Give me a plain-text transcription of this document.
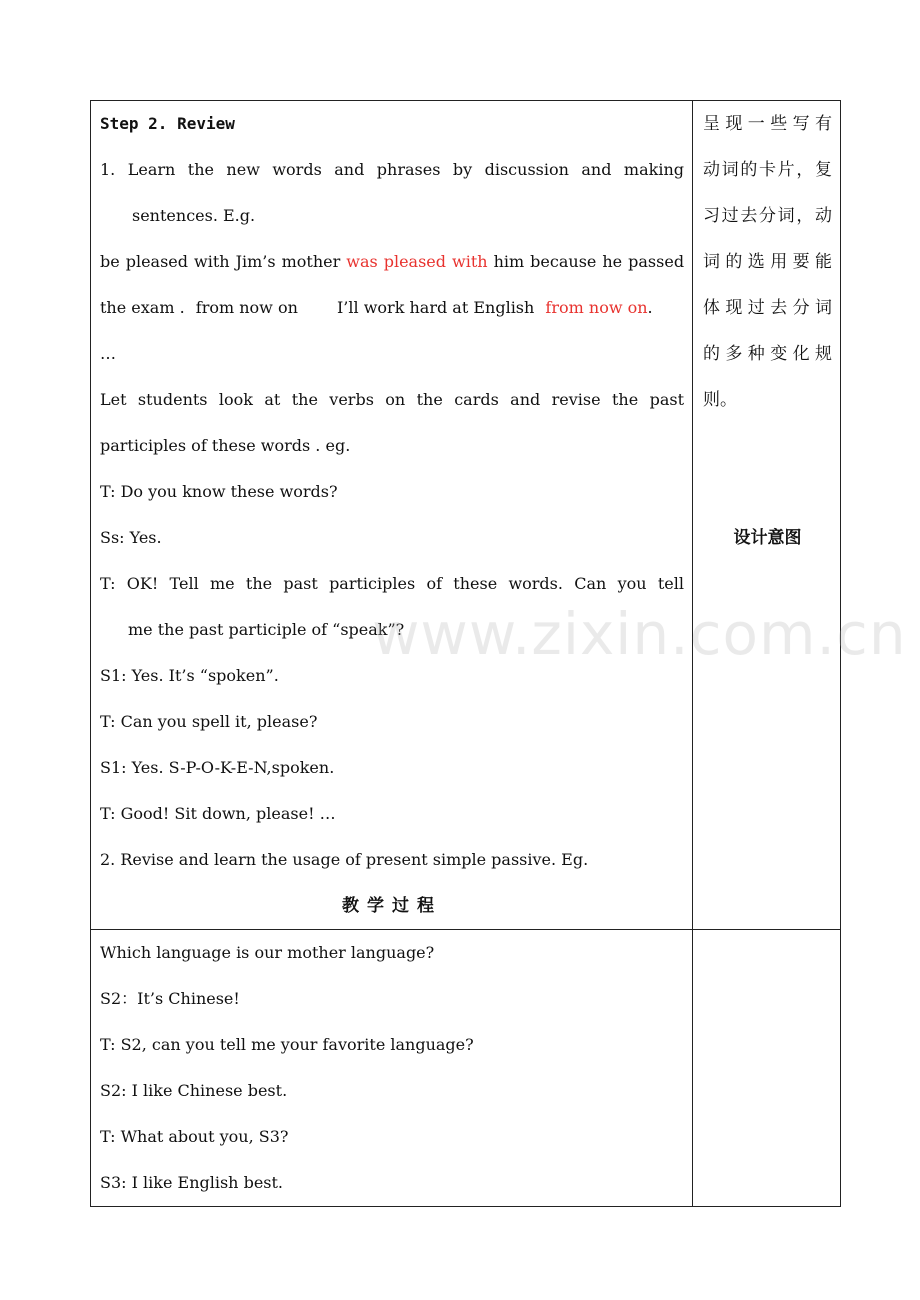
Step 2. Review
1. Learn the new words and phrases by discussion and making
sentences. E.g.
be pleased with Jim’s mother was pleased with him because he passed
the exam . from now on I’ll work hard at English from now on.
…
Let students look at the verbs on the cards and revise the past
participles of these words . eg.
T: Do you know these words?
Ss: Yes.
T: OK! Tell me the past participles of these words. Can you tell
me the past participle of “speak”?
S1: Yes. It’s “spoken”.
T: Can you spell it, please?
S1: Yes. S-P-O-K-E-N,spoken.
T: Good! Sit down, please! …
2. Revise and learn the usage of present simple passive. Eg.
教学过程
呈现一些写有
动词的卡片，复
习过去分词，动
词的选用要能
体现过去分词
的多种变化规
则。
设计意图
Which language is our mother language?
S2：It’s Chinese!
T: S2, can you tell me your favorite language?
S2: I like Chinese best.
T: What about you, S3?
S3: I like English best.
www.zixin.com.cn
